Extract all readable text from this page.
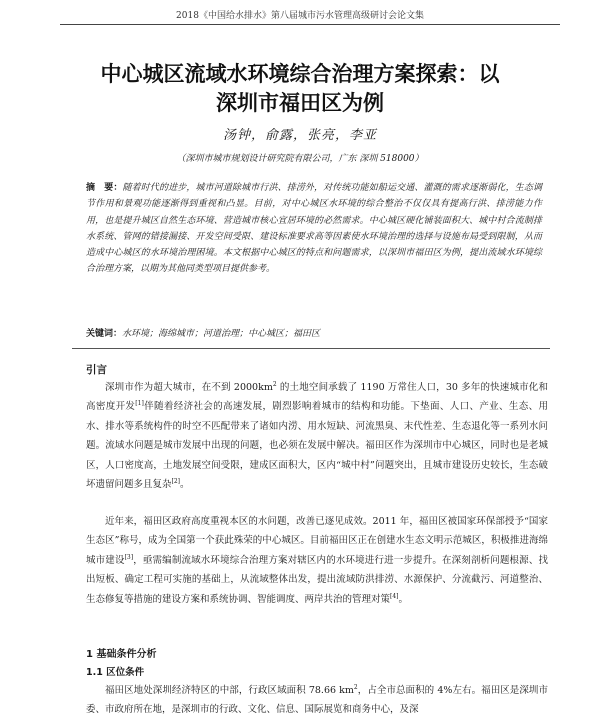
2018《中国给水排水》第八届城市污水管理高级研讨会论文集
中心城区流域水环境综合治理方案探索：以
深圳市福田区为例
汤钟，俞露，张亮，李亚
（深圳市城市规划设计研究院有限公司，广东 深圳 518000）
摘　要：随着时代的进步，城市河道除城市行洪、排涝外，对传统功能如船运交通、灌溉的需求逐渐弱化，生态调节作用和景观功能逐渐得到重视和凸显。目前，对中心城区水环境的综合整治不仅仅具有提高行洪、排涝能力作用，也是提升城区自然生态环境、营造城市核心宜居环境的必然需求。中心城区硬化铺装面积大、城中村合流制排水系统、管网的错接漏接、开发空间受限、建设标准要求高等因素使水环境治理的选择与设施布局受到限制，从而造成中心城区的水环境治理困境。本文根据中心城区的特点和问题需求，以深圳市福田区为例，提出流域水环境综合治理方案，以期为其他同类型项目提供参考。
关键词：水环境；海绵城市；河道治理；中心城区；福田区
引言

深圳市作为超大城市，在不到 $2000km^2$ 的土地空间承载了 1190 万常住人口，30 多年的快速城市化和高密度开发[1]伴随着经济社会的高速发展，剧烈影响着城市的结构和功能。下垫面、人口、产业、生态、用水、排水等系统构件的时空不匹配带来了诸如内涝、用水短缺、河流黑臭、末代性差、生态退化等一系列水问题。流域水问题是城市发展中出现的问题，也必须在发展中解决。福田区作为深圳市中心城区，同时也是老城区，人口密度高，土地发展空间受限，建成区面积大，区内“城中村”问题突出，且城市建设历史较长，生态破坏遗留问题多且复杂[2]。

近年来，福田区政府高度重视本区的水问题，改善已逐见成效。2011 年，福田区被国家环保部授予“国家生态区”称号，成为全国第一个获此殊荣的中心城区。目前福田区正在创建水生态文明示范城区，积极推进海绵城市建设[3]，亟需编制流域水环境综合治理方案对辖区内的水环境进行进一步提升。在深刻剖析问题根源、找出短板、确定工程可实施的基础上，从流域整体出发，提出流域防洪排涝、水源保护、分流截污、河道整治、生态修复等措施的建设方案和系统协调、智能调度、两岸共治的管理对策[4]。

1 基础条件分析
1.1 区位条件

福田区地处深圳经济特区的中部，行政区域面积 78.66 $km^2$，占全市总面积的 4%左右。福田区是深圳市委、市政府所在地，是深圳市的行政、文化、信息、国际展览和商务中心，及深
